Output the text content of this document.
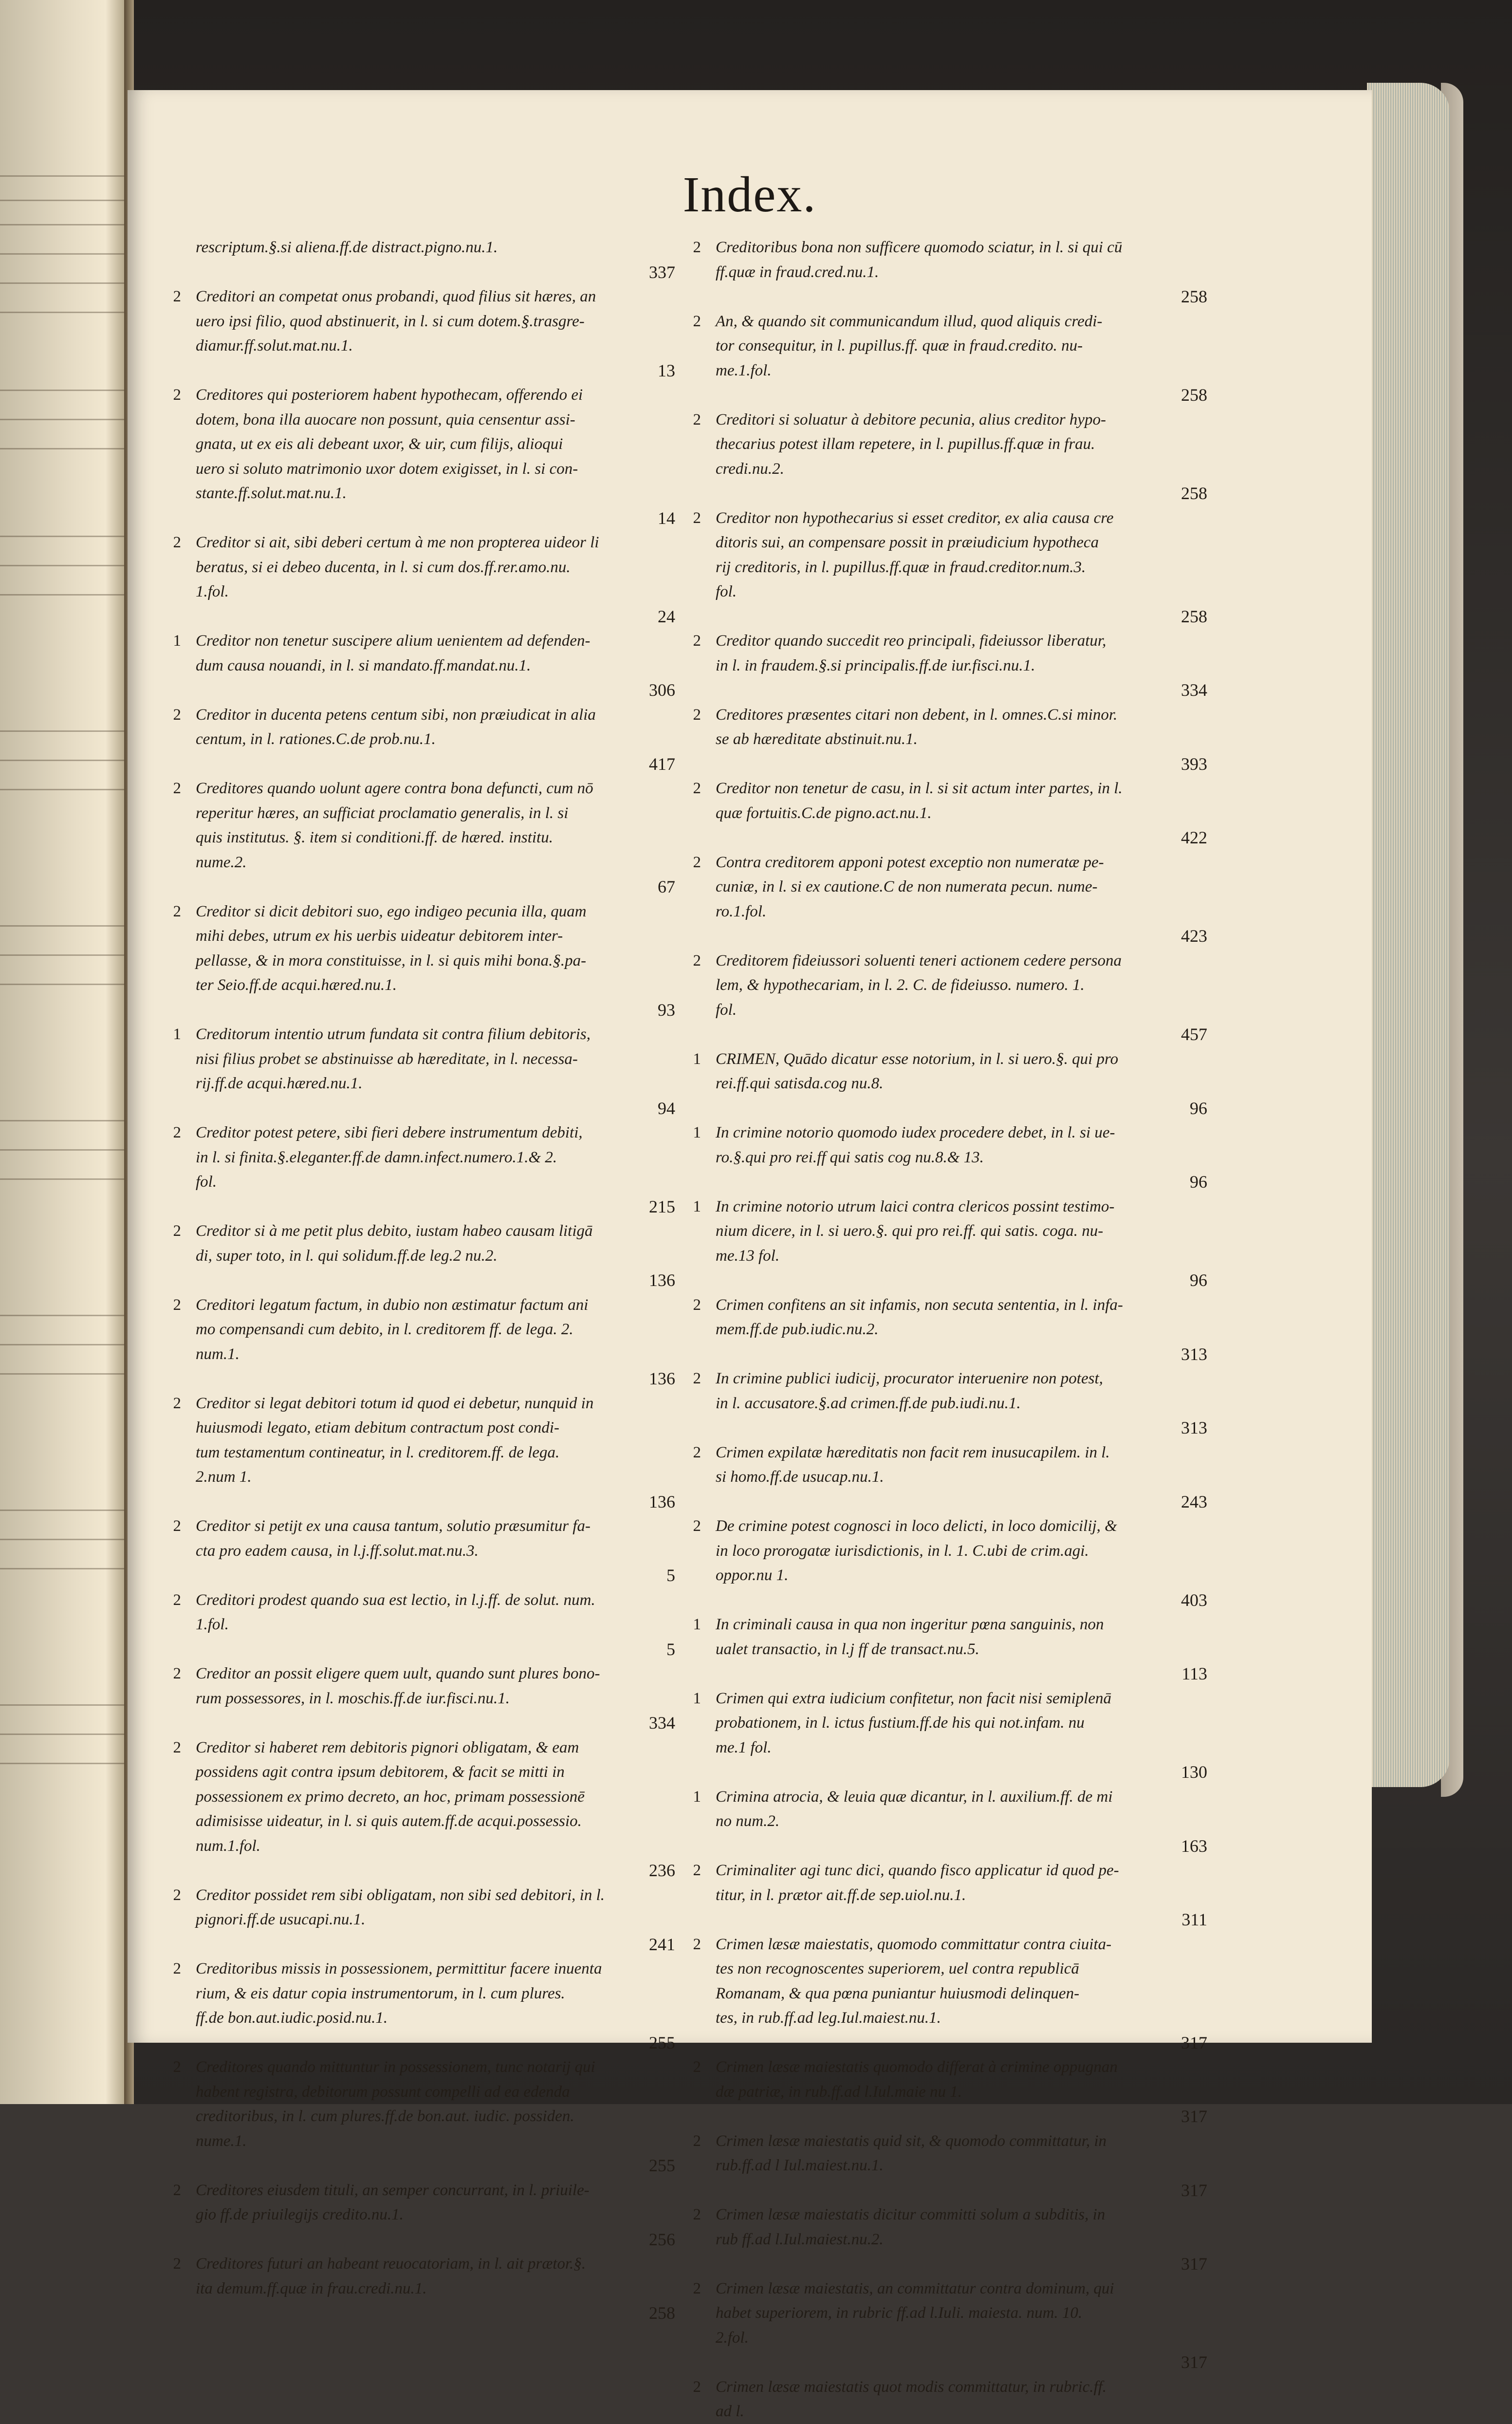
Index.
rescriptum.§.si aliena.ff.de distract.pigno.nu.1.
337
2 Creditori an competat onus probandi, quod filius sit hæres, an
uero ipsi filio, quod abstinuerit, in l. si cum dotem.§.trasgre-
diamur.ff.solut.mat.nu.1.
13
2 Creditores qui posteriorem habent hypothecam, offerendo ei
dotem, bona illa auocare non possunt, quia censentur assi-
gnata, ut ex eis ali debeant uxor, & uir, cum filijs, alioqui
uero si soluto matrimonio uxor dotem exigisset, in l. si con-
stante.ff.solut.mat.nu.1.
14
2 Creditor si ait, sibi deberi certum à me non propterea uideor li
beratus, si ei debeo ducenta, in l. si cum dos.ff.rer.amo.nu.
1.fol.
24
1 Creditor non tenetur suscipere alium uenientem ad defenden-
dum causa nouandi, in l. si mandato.ff.mandat.nu.1.
306
2 Creditor in ducenta petens centum sibi, non præiudicat in alia
centum, in l. rationes.C.de prob.nu.1.
417
2 Creditores quando uolunt agere contra bona defuncti, cum nō
reperitur hæres, an sufficiat proclamatio generalis, in l. si
quis institutus. §. item si conditioni.ff. de hæred. institu.
nume.2.
67
2 Creditor si dicit debitori suo, ego indigeo pecunia illa, quam
mihi debes, utrum ex his uerbis uideatur debitorem inter-
pellasse, & in mora constituisse, in l. si quis mihi bona.§.pa-
ter Seio.ff.de acqui.hæred.nu.1.
93
1 Creditorum intentio utrum fundata sit contra filium debitoris,
nisi filius probet se abstinuisse ab hæreditate, in l. necessa-
rij.ff.de acqui.hæred.nu.1.
94
2 Creditor potest petere, sibi fieri debere instrumentum debiti,
in l. si finita.§.eleganter.ff.de damn.infect.numero.1.& 2.
fol.
215
2 Creditor si à me petit plus debito, iustam habeo causam litigā
di, super toto, in l. qui solidum.ff.de leg.2 nu.2.
136
2 Creditori legatum factum, in dubio non æstimatur factum ani
mo compensandi cum debito, in l. creditorem ff. de lega. 2.
num.1.
136
2 Creditor si legat debitori totum id quod ei debetur, nunquid in
huiusmodi legato, etiam debitum contractum post condi-
tum testamentum contineatur, in l. creditorem.ff. de lega.
2.num 1.
136
2 Creditor si petijt ex una causa tantum, solutio præsumitur fa-
cta pro eadem causa, in l.j.ff.solut.mat.nu.3.
5
2 Creditori prodest quando sua est lectio, in l.j.ff. de solut. num.
1.fol.
5
2 Creditor an possit eligere quem uult, quando sunt plures bono-
rum possessores, in l. moschis.ff.de iur.fisci.nu.1.
334
2 Creditor si haberet rem debitoris pignori obligatam, & eam
possidens agit contra ipsum debitorem, & facit se mitti in
possessionem ex primo decreto, an hoc, primam possessionē
adimisisse uideatur, in l. si quis autem.ff.de acqui.possessio.
num.1.fol.
236
2 Creditor possidet rem sibi obligatam, non sibi sed debitori, in l.
pignori.ff.de usucapi.nu.1.
241
2 Creditoribus missis in possessionem, permittitur facere inuenta
rium, & eis datur copia instrumentorum, in l. cum plures.
ff.de bon.aut.iudic.posid.nu.1.
255
2 Creditores quando mittuntur in possessionem, tunc notarij qui
habent registra, debitorum possunt compelli ad ea edenda
creditoribus, in l. cum plures.ff.de bon.aut. iudic. possiden.
nume.1.
255
2 Creditores eiusdem tituli, an semper concurrant, in l. priuile-
gio ff.de priuilegijs credito.nu.1.
256
2 Creditores futuri an habeant reuocatoriam, in l. ait prætor.§.
ita demum.ff.quæ in frau.credi.nu.1.
258
2 Creditoribus bona non sufficere quomodo sciatur, in l. si qui cū
ff.quæ in fraud.cred.nu.1.
258
2 An, & quando sit communicandum illud, quod aliquis credi-
tor consequitur, in l. pupillus.ff. quæ in fraud.credito. nu-
me.1.fol.
258
2 Creditori si soluatur à debitore pecunia, alius creditor hypo-
thecarius potest illam repetere, in l. pupillus.ff.quæ in frau.
credi.nu.2.
258
2 Creditor non hypothecarius si esset creditor, ex alia causa cre
ditoris sui, an compensare possit in præiudicium hypotheca
rij creditoris, in l. pupillus.ff.quæ in fraud.creditor.num.3.
fol.
258
2 Creditor quando succedit reo principali, fideiussor liberatur,
in l. in fraudem.§.si principalis.ff.de iur.fisci.nu.1.
334
2 Creditores præsentes citari non debent, in l. omnes.C.si minor.
se ab hæreditate abstinuit.nu.1.
393
2 Creditor non tenetur de casu, in l. si sit actum inter partes, in l.
quæ fortuitis.C.de pigno.act.nu.1.
422
2 Contra creditorem apponi potest exceptio non numeratæ pe-
cuniæ, in l. si ex cautione.C de non numerata pecun. nume-
ro.1.fol.
423
2 Creditorem fideiussori soluenti teneri actionem cedere persona
lem, & hypothecariam, in l. 2. C. de fideiusso. numero. 1.
fol.
457
1 CRIMEN, Quādo dicatur esse notorium, in l. si uero.§. qui pro
rei.ff.qui satisda.cog nu.8.
96
1 In crimine notorio quomodo iudex procedere debet, in l. si ue-
ro.§.qui pro rei.ff qui satis cog nu.8.& 13.
96
1 In crimine notorio utrum laici contra clericos possint testimo-
nium dicere, in l. si uero.§. qui pro rei.ff. qui satis. coga. nu-
me.13 fol.
96
2 Crimen confitens an sit infamis, non secuta sententia, in l. infa-
mem.ff.de pub.iudic.nu.2.
313
2 In crimine publici iudicij, procurator interuenire non potest,
in l. accusatore.§.ad crimen.ff.de pub.iudi.nu.1.
313
2 Crimen expilatæ hæreditatis non facit rem inusucapilem. in l.
si homo.ff.de usucap.nu.1.
243
2 De crimine potest cognosci in loco delicti, in loco domicilij, &
in loco prorogatæ iurisdictionis, in l. 1. C.ubi de crim.agi.
oppor.nu 1.
403
1 In criminali causa in qua non ingeritur pœna sanguinis, non
ualet transactio, in l.j ff de transact.nu.5.
113
1 Crimen qui extra iudicium confitetur, non facit nisi semiplenā
probationem, in l. ictus fustium.ff.de his qui not.infam. nu
me.1 fol.
130
1 Crimina atrocia, & leuia quæ dicantur, in l. auxilium.ff. de mi
no num.2.
163
2 Criminaliter agi tunc dici, quando fisco applicatur id quod pe-
titur, in l. prætor ait.ff.de sep.uiol.nu.1.
311
2 Crimen læsæ maiestatis, quomodo committatur contra ciuita-
tes non recognoscentes superiorem, uel contra republicā
Romanam, & qua pœna puniantur huiusmodi delinquen-
tes, in rub.ff.ad leg.Iul.maiest.nu.1.
317
2 Crimen læsæ maiestatis quomodo differat à crimine oppugnan
dæ patriæ, in rub.ff.ad l.Iul.maie nu 1.
317
2 Crimen læsæ maiestatis quid sit, & quomodo committatur, in
rub.ff.ad l Iul.maiest.nu.1.
317
2 Crimen læsæ maiestatis dicitur committi solum a subditis, in
rub ff.ad l.Iul.maiest.nu.2.
317
2 Crimen læsæ maiestatis, an committatur contra dominum, qui
habet superiorem, in rubric ff.ad l.Iuli. maiesta. num. 10.
2.fol.
317
2 Crimen læsæ maiestatis quot modis committatur, in rubric.ff.
ad l.
